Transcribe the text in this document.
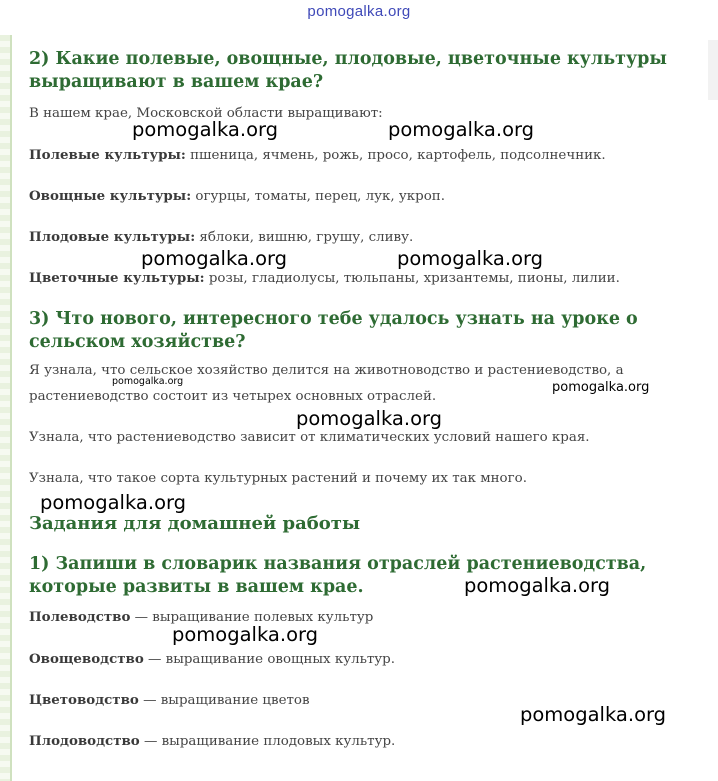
pomogalka.org
2) Какие полевые, овощные, плодовые, цветочные культуры выращивают в вашем крае?
В нашем крае, Московской области выращивают:
Полевые культуры: пшеница, ячмень, рожь, просо, картофель, подсолнечник.
Овощные культуры: огурцы, томаты, перец, лук, укроп.
Плодовые культуры: яблоки, вишню, грушу, сливу.
Цветочные культуры: розы, гладиолусы, тюльпаны, хризантемы, пионы, лилии.
3) Что нового, интересного тебе удалось узнать на уроке о сельском хозяйстве?
Я узнала, что сельское хозяйство делится на животноводство и растениеводство, а растениеводство состоит из четырех основных отраслей.
Узнала, что растениеводство зависит от климатических условий нашего края.
Узнала, что такое сорта культурных растений и почему их так много.
Задания для домашней работы
1) Запиши в словарик названия отраслей растениеводства, которые развиты в вашем крае.
Полеводство — выращивание полевых культур
Овощеводство — выращивание овощных культур.
Цветоводство — выращивание цветов
Плодоводство — выращивание плодовых культур.

pomogalka.org	pomogalka.org
pomogalka.org	pomogalka.org
pomogalka.org	pomogalka.org
pomogalka.org
pomogalka.org
pomogalka.org
pomogalka.org
pomogalka.org
